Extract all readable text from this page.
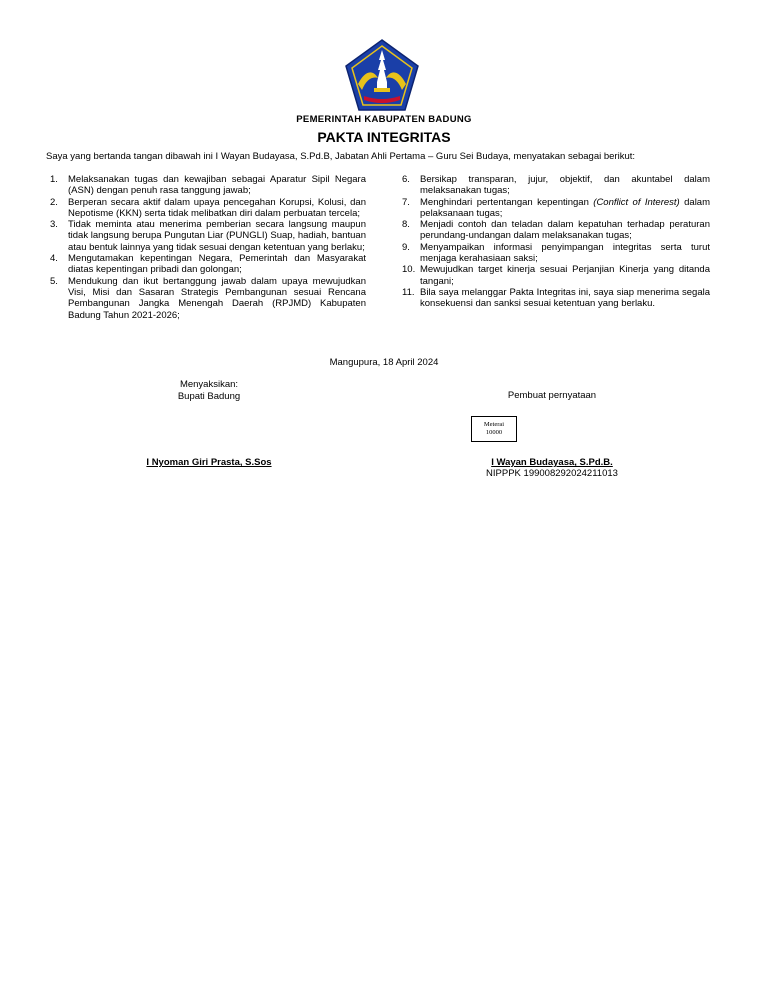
PEMERINTAH KABUPATEN BADUNG
PAKTA INTEGRITAS
Saya yang bertanda tangan dibawah ini I Wayan Budayasa, S.Pd.B, Jabatan Ahli Pertama – Guru Sei Budaya, menyatakan sebagai berikut:
1.	Melaksanakan tugas dan kewajiban sebagai Aparatur Sipil Negara (ASN) dengan penuh rasa tanggung jawab;
2.	Berperan secara aktif dalam upaya pencegahan Korupsi, Kolusi, dan Nepotisme (KKN) serta tidak melibatkan diri dalam perbuatan tercela;
3.	Tidak meminta atau menerima pemberian secara langsung maupun tidak langsung berupa Pungutan Liar (PUNGLI) Suap, hadiah, bantuan atau bentuk lainnya yang tidak sesuai dengan ketentuan yang berlaku;
4.	Mengutamakan kepentingan Negara, Pemerintah dan Masyarakat diatas kepentingan pribadi dan golongan;
5.	Mendukung dan ikut bertanggung jawab dalam upaya mewujudkan Visi, Misi dan Sasaran Strategis Pembangunan sesuai Rencana Pembangunan Jangka Menengah Daerah (RPJMD) Kabupaten Badung Tahun 2021-2026;
6.	Bersikap transparan, jujur, objektif, dan akuntabel dalam melaksanakan tugas;
7.	Menghindari pertentangan kepentingan (Conflict of Interest) dalam pelaksanaan tugas;
8.	Menjadi contoh dan teladan dalam kepatuhan terhadap peraturan perundang-undangan dalam melaksanakan tugas;
9.	Menyampaikan informasi penyimpangan integritas serta turut menjaga kerahasiaan saksi;
10. Mewujudkan target kinerja sesuai Perjanjian Kinerja yang ditanda tangani;
11. Bila saya melanggar Pakta Integritas ini, saya siap menerima segala konsekuensi dan sanksi sesuai ketentuan yang berlaku.
Mangupura, 18 April 2024
Menyaksikan:
Bupati Badung	Pembuat pernyataan
Meterai
10000
I Nyoman Giri Prasta, S.Sos	I Wayan Budayasa, S.Pd.B.
NIPPPK 199008292024211013
